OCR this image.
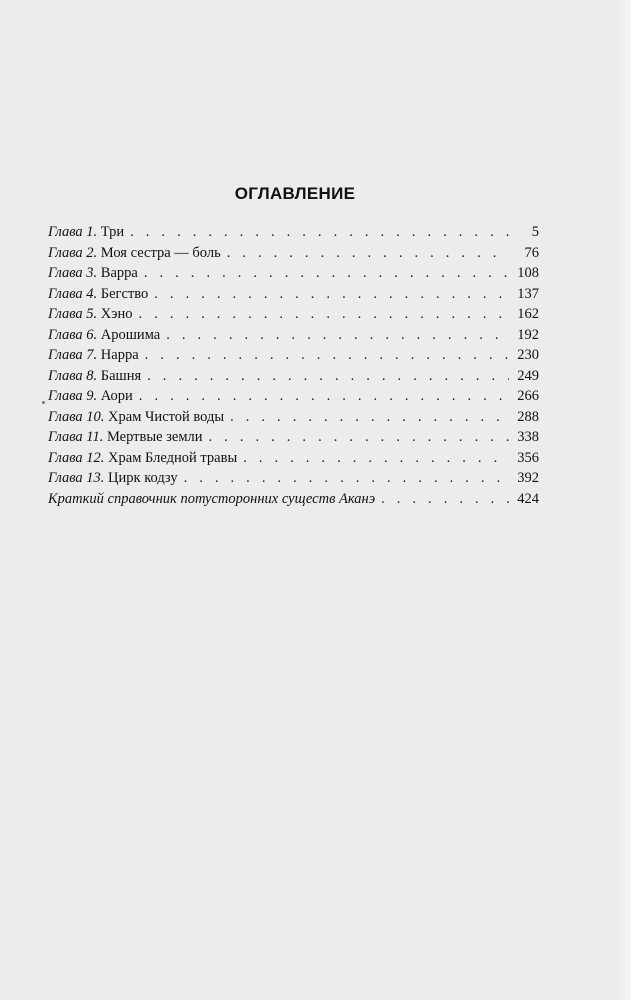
ОГЛАВЛЕНИЕ
Глава 1. Три . . .	5
Глава 2. Моя сестра — боль . . .	76
Глава 3. Варра . . .	108
Глава 4. Бегство . . .	137
Глава 5. Хэно . . .	162
Глава 6. Арошима . . .	192
Глава 7. Нарра . . .	230
Глава 8. Башня . . .	249
Глава 9. Аори . . .	266
Глава 10. Храм Чистой воды . . .	288
Глава 11. Мертвые земли . . .	338
Глава 12. Храм Бледной травы . . .	356
Глава 13. Цирк кодзу . . .	392
Краткий справочник потусторонних существ Аканэ . . .	424
